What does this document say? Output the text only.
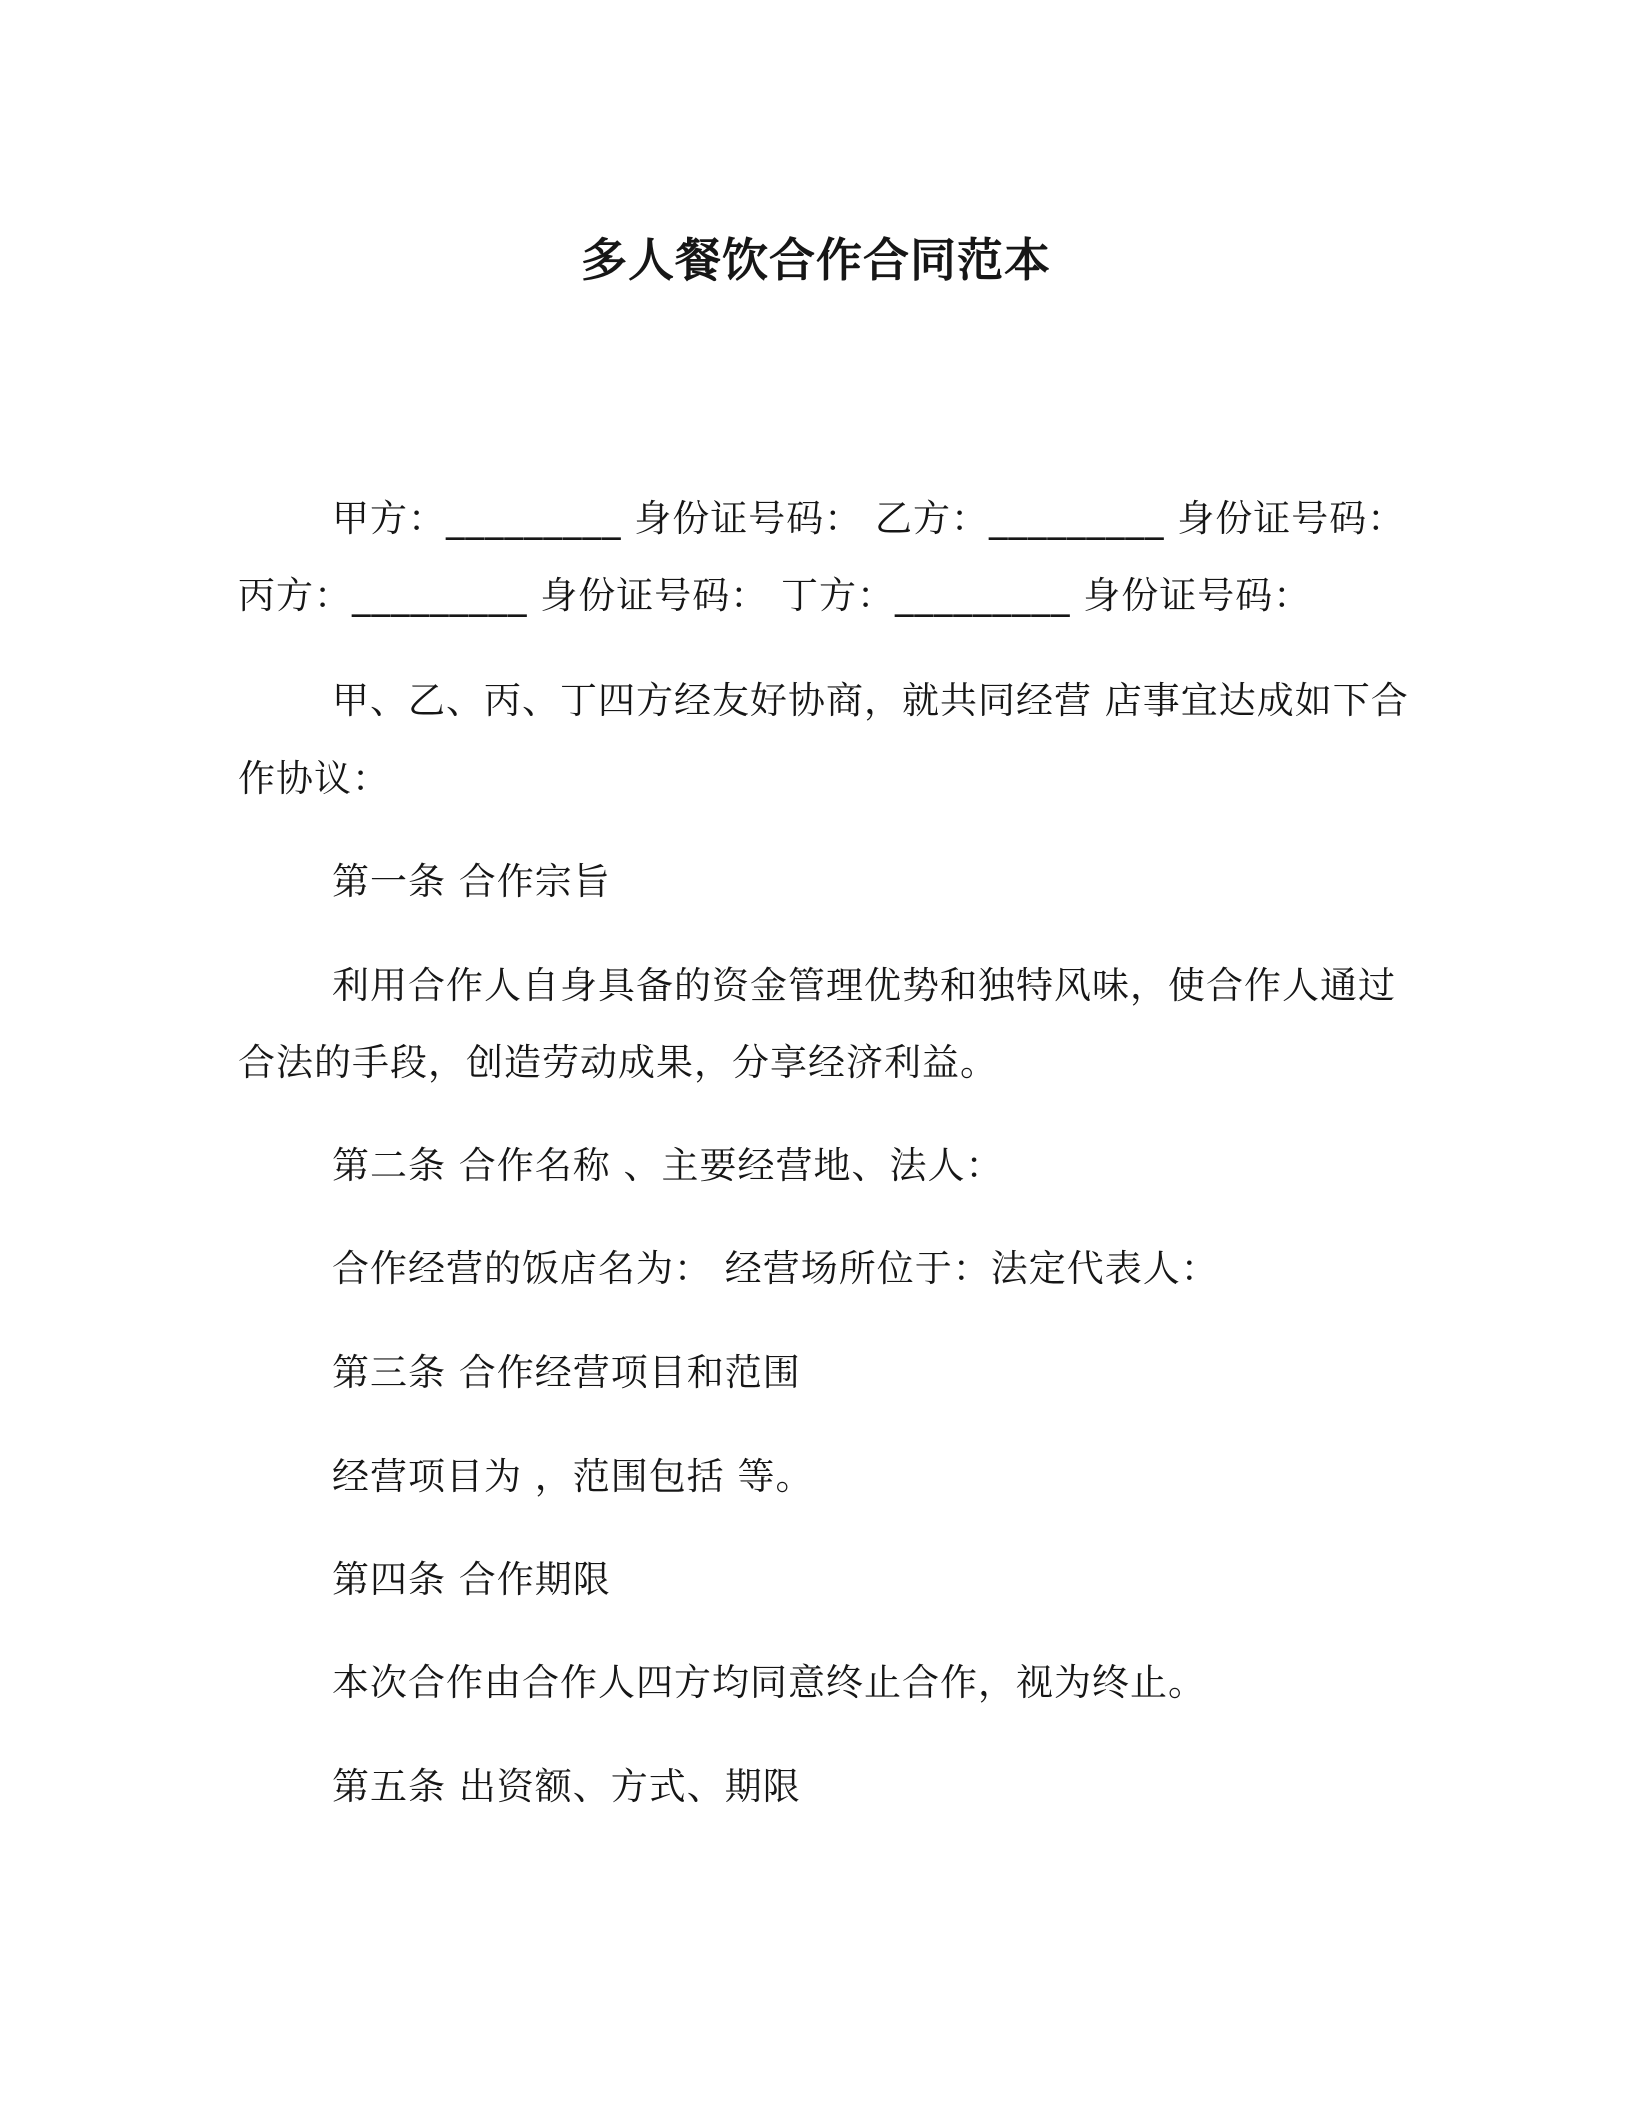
多人餐饮合作合同范本
甲方：_________ 身份证号码： 乙方：_________ 身份证号码：
丙方：_________ 身份证号码： 丁方：_________ 身份证号码：
甲、乙、丙、丁四方经友好协商，就共同经营 店事宜达成如下合
作协议：
第一条 合作宗旨
利用合作人自身具备的资金管理优势和独特风味，使合作人通过
合法的手段，创造劳动成果，分享经济利益。
第二条 合作名称 、主要经营地、法人：
合作经营的饭店名为： 经营场所位于：法定代表人：
第三条 合作经营项目和范围
经营项目为 ，范围包括 等。
第四条 合作期限
本次合作由合作人四方均同意终止合作，视为终止。
第五条 出资额、方式、期限
